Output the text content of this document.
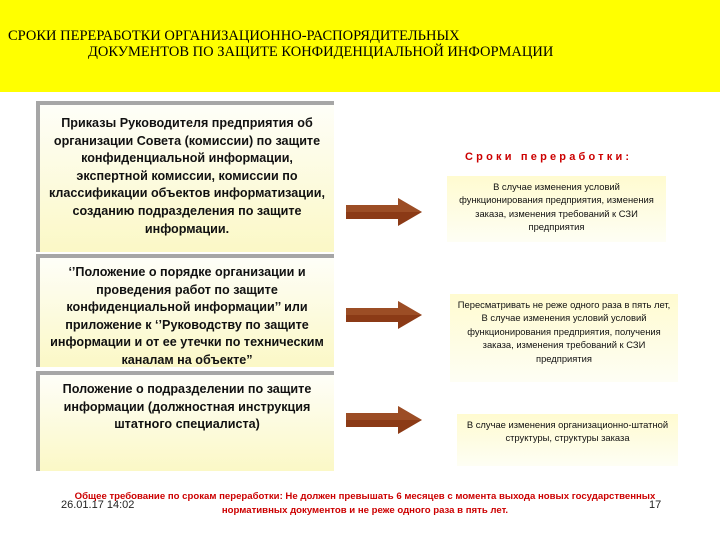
СРОКИ ПЕРЕРАБОТКИ ОРГАНИЗАЦИОННО-РАСПОРЯДИТЕЛЬНЫХ
ДОКУМЕНТОВ ПО ЗАЩИТЕ КОНФИДЕНЦИАЛЬНОЙ ИНФОРМАЦИИ
Приказы Руководителя предприятия об организации Совета (комиссии) по защите конфиденциальной информации, экспертной комиссии, комиссии по классификации объектов информатизации, созданию подразделения по защите информации.
‘’Положение о порядке организации и проведения работ по защите конфиденциальной информации’’ или приложение к ‘’Руководству по защите информации и от ее утечки по техническим каналам на объекте”
Положение о подразделении по защите информации (должностная инструкция штатного специалиста)
Сроки переработки:
В случае изменения условий функционирования предприятия, изменения заказа, изменения требований к СЗИ предприятия
Пересматривать не реже одного раза в пять лет, В случае изменения условий условий функционирования предприятия, получения заказа, изменения требований к СЗИ предприятия
В случае изменения организационно-штатной структуры, структуры заказа
26.01.17 14:02	17
Общее требование по срокам переработки: Не должен превышать 6 месяцев с момента выхода новых государственных нормативных документов и не реже одного раза в пять лет.
